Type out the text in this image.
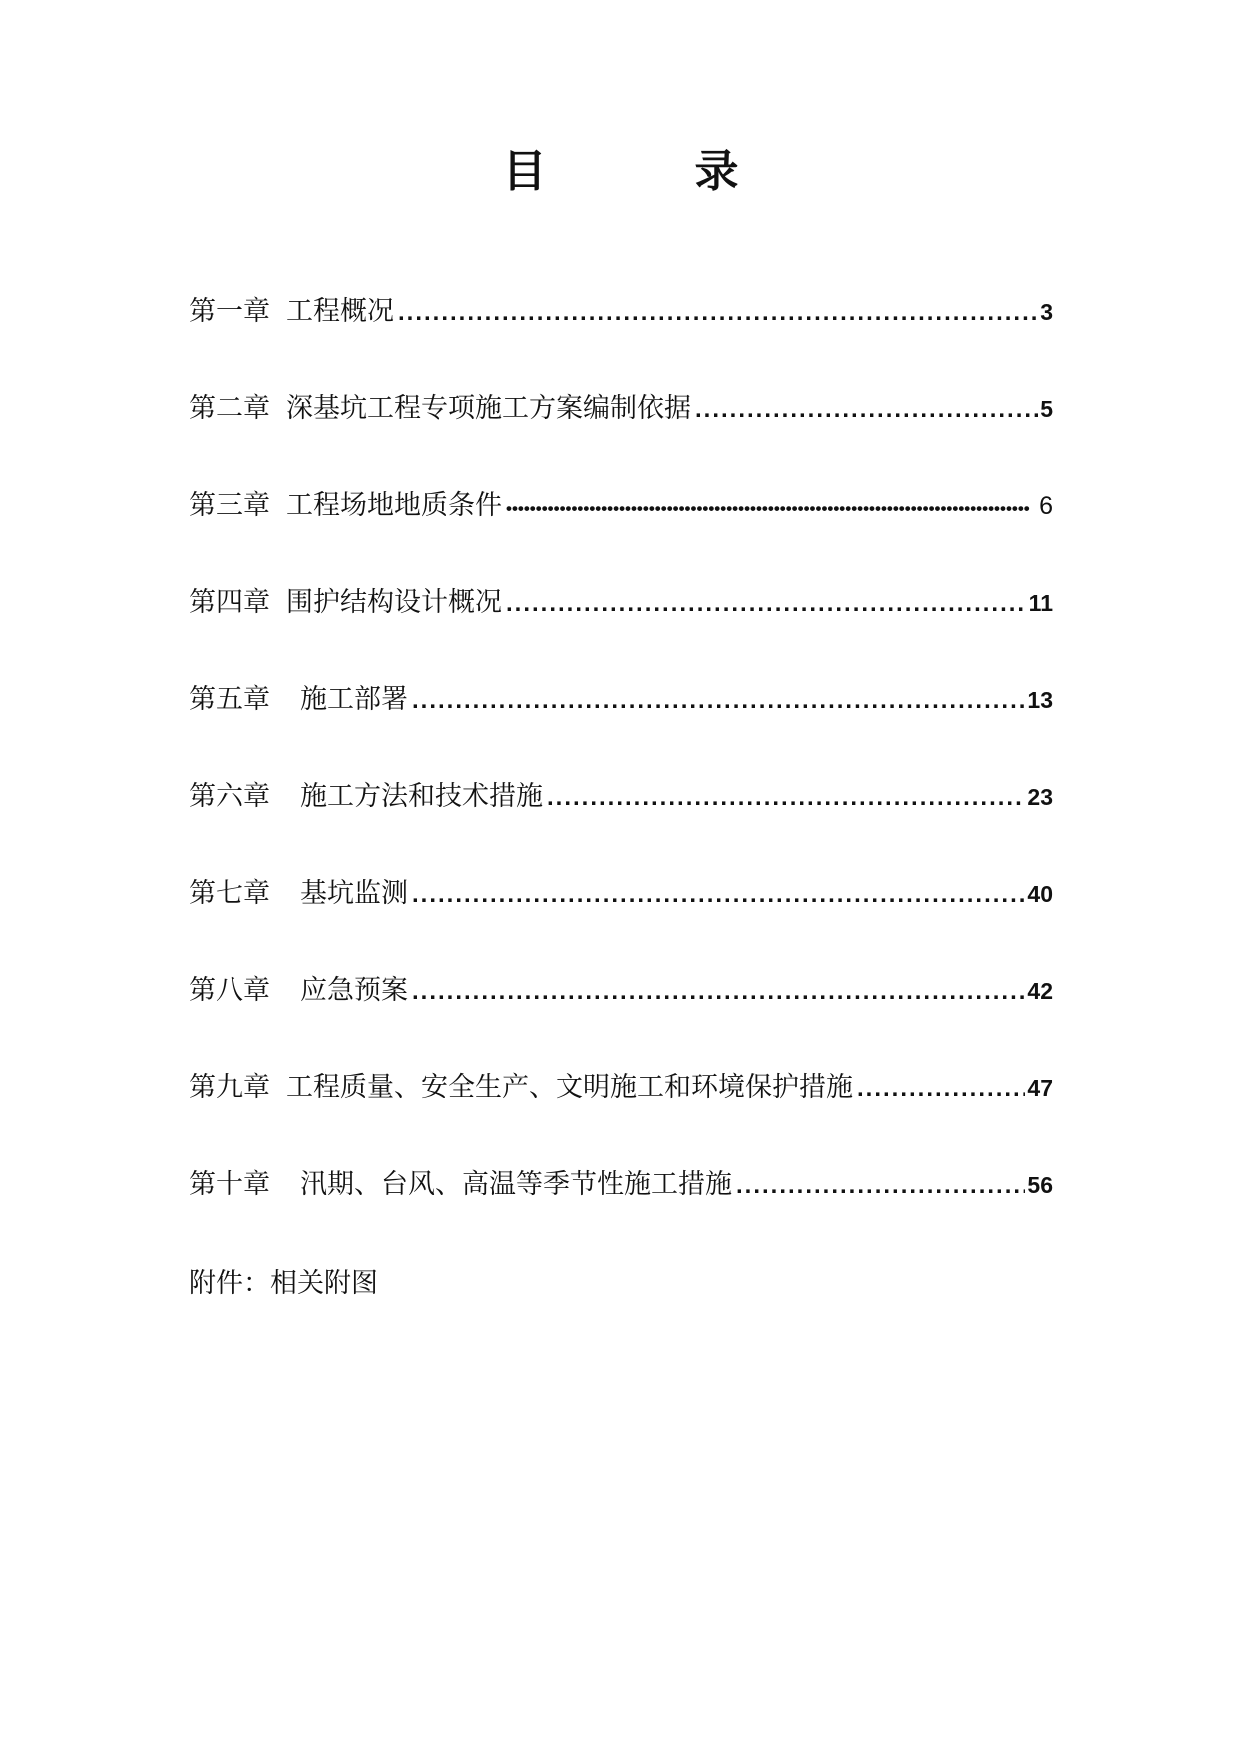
目　录
第一章 工程概况 .....	3
第二章 深基坑工程专项施工方案编制依据 .....	5
第三章 工程场地地质条件 •••••	6
第四章 围护结构设计概况 .....	11
第五章	施工部署 .....	13
第六章	施工方法和技术措施 .....	23
第七章	基坑监测 .....	40
第八章	应急预案 .....	42
第九章 工程质量、安全生产、文明施工和环境保护措施 .....	47
第十章	汛期、台风、高温等季节性施工措施 .....	56
附件：相关附图
